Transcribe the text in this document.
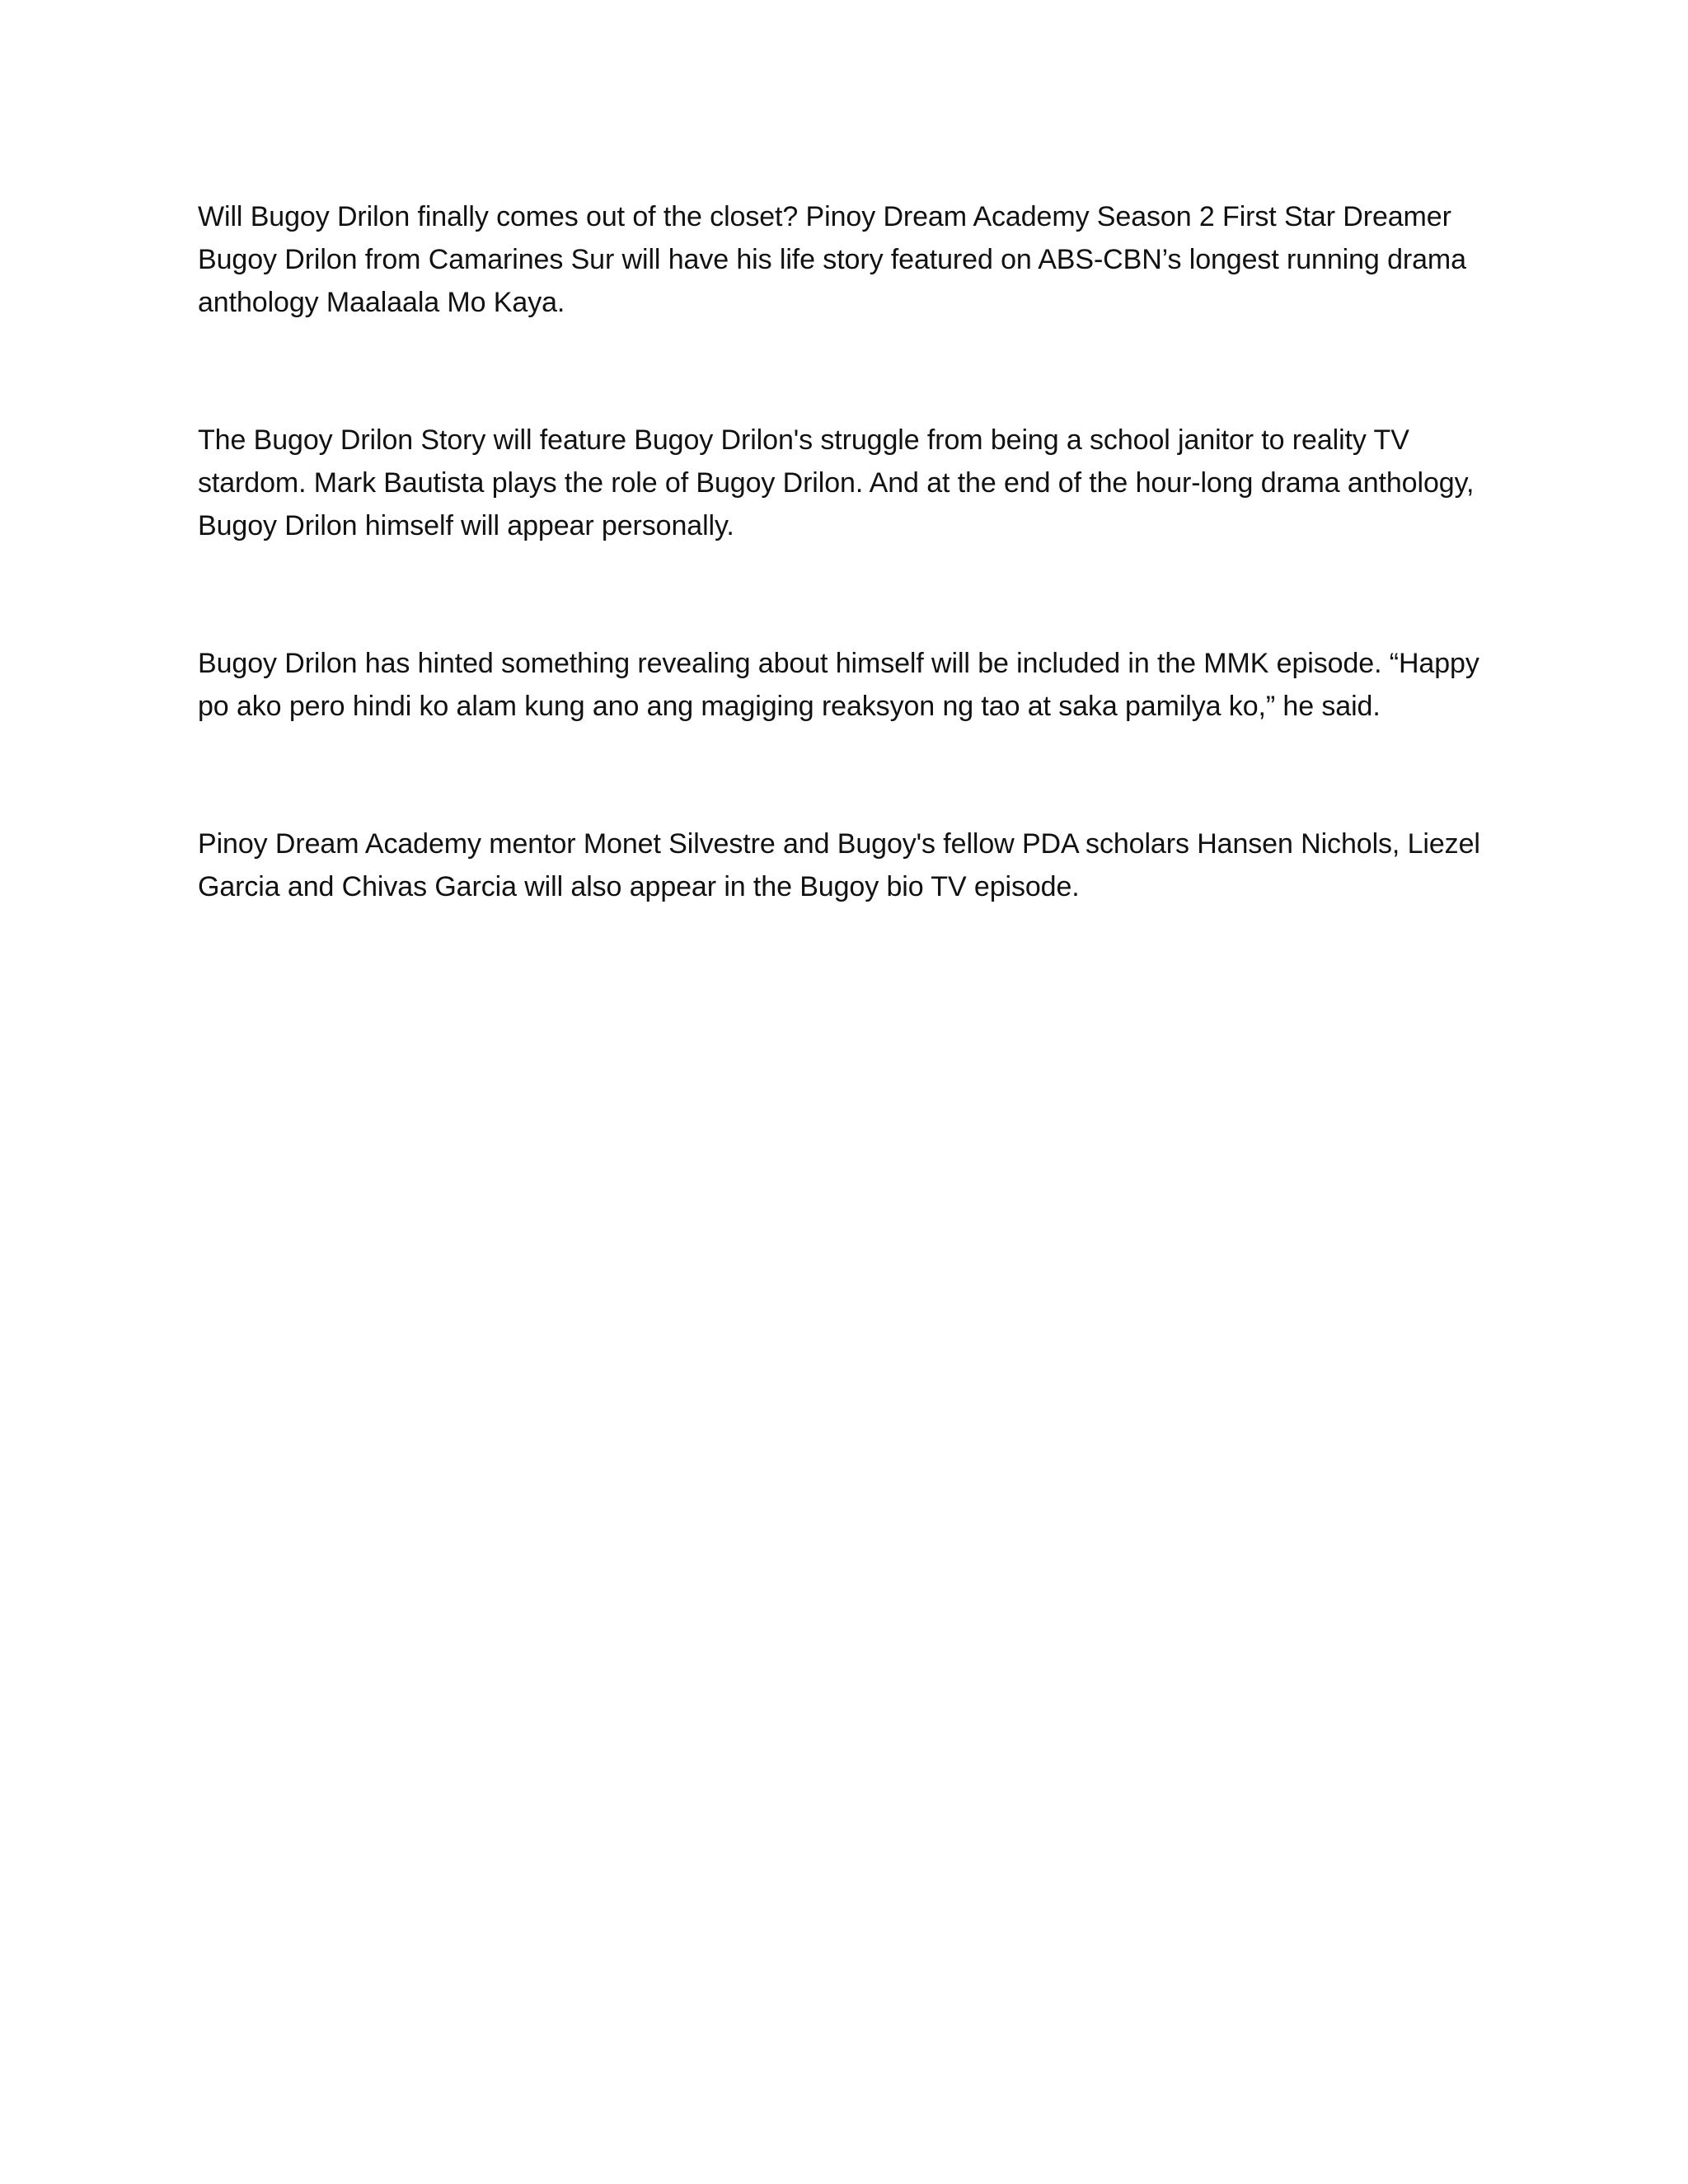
Will Bugoy Drilon finally comes out of the closet? Pinoy Dream Academy Season 2 First Star Dreamer
Bugoy Drilon from Camarines Sur will have his life story featured on ABS-CBN’s longest running drama
anthology Maalaala Mo Kaya.

The Bugoy Drilon Story will feature Bugoy Drilon's struggle from being a school janitor to reality TV
stardom. Mark Bautista plays the role of Bugoy Drilon. And at the end of the hour-long drama anthology,
Bugoy Drilon himself will appear personally.

Bugoy Drilon has hinted something revealing about himself will be included in the MMK episode. “Happy
po ako pero hindi ko alam kung ano ang magiging reaksyon ng tao at saka pamilya ko,” he said.

Pinoy Dream Academy mentor Monet Silvestre and Bugoy's fellow PDA scholars Hansen Nichols, Liezel
Garcia and Chivas Garcia will also appear in the Bugoy bio TV episode.
